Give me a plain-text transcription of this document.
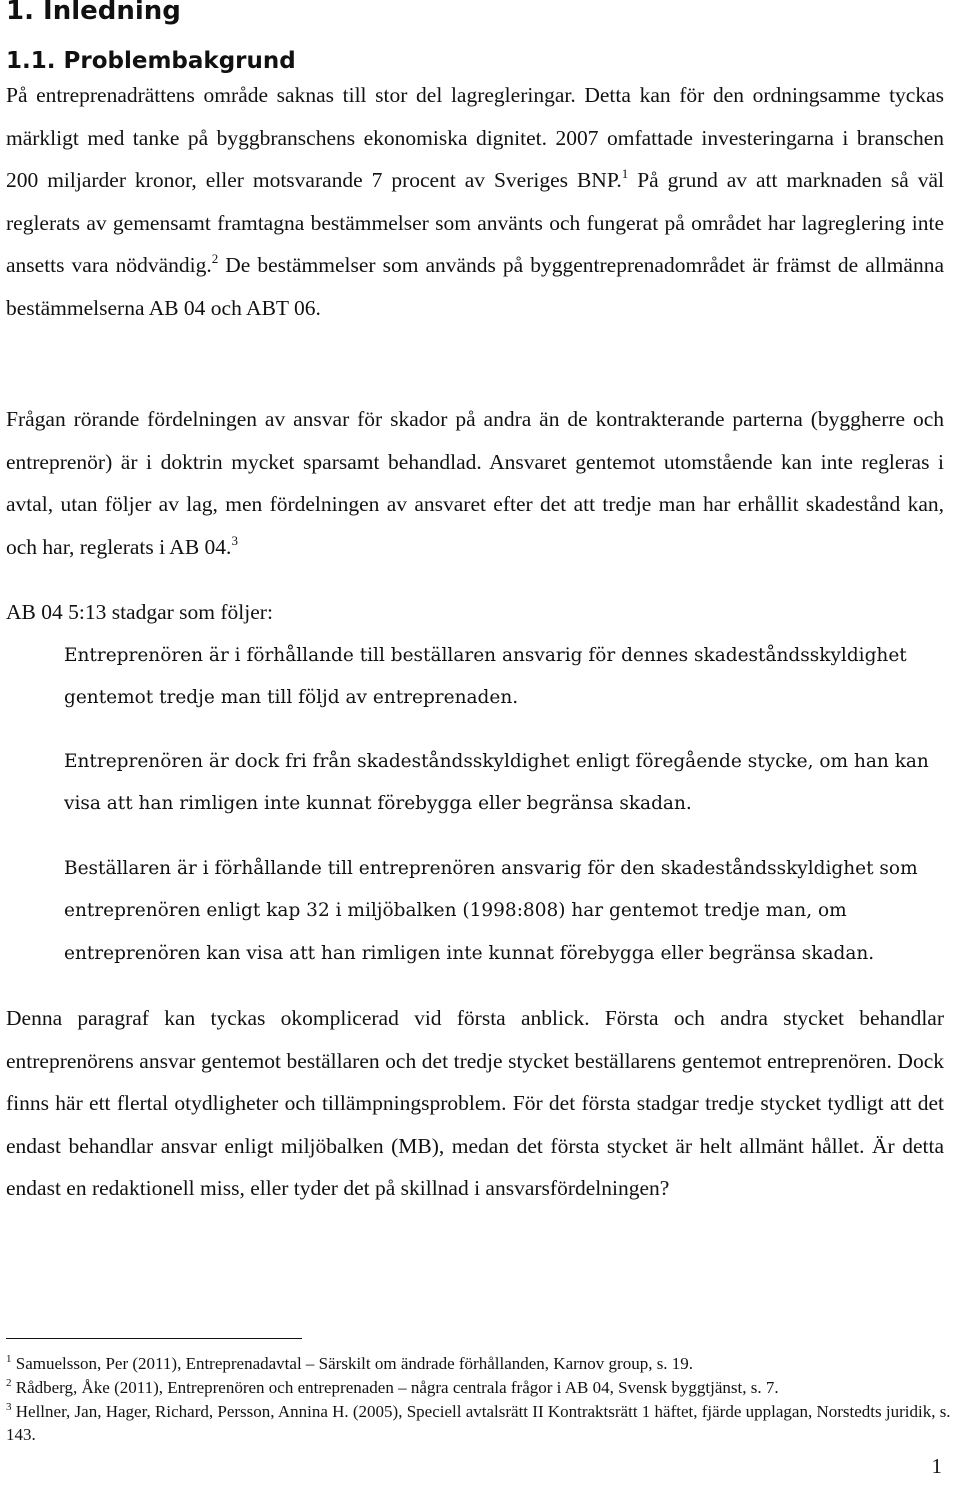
1. Inledning
1.1. Problembakgrund

På entreprenadrättens område saknas till stor del lagregleringar. Detta kan för den ordningsamme tyckas märkligt med tanke på byggbranschens ekonomiska dignitet. 2007 omfattade investeringarna i branschen 200 miljarder kronor, eller motsvarande 7 procent av Sveriges BNP.$^1$ På grund av att marknaden så väl reglerats av gemensamt framtagna bestämmelser som använts och fungerat på området har lagreglering inte ansetts vara nödvändig.$^2$ De bestämmelser som används på byggentreprenadområdet är främst de allmänna bestämmelserna AB 04 och ABT 06.

Frågan rörande fördelningen av ansvar för skador på andra än de kontrakterande parterna (byggherre och entreprenör) är i doktrin mycket sparsamt behandlad. Ansvaret gentemot utomstående kan inte regleras i avtal, utan följer av lag, men fördelningen av ansvaret efter det att tredje man har erhållit skadestånd kan, och har, reglerats i AB 04.$^3$

AB 04 5:13 stadgar som följer:

Entreprenören är i förhållande till beställaren ansvarig för dennes skadeståndsskyldighet gentemot tredje man till följd av entreprenaden.

Entreprenören är dock fri från skadeståndsskyldighet enligt föregående stycke, om han kan visa att han rimligen inte kunnat förebygga eller begränsa skadan.

Beställaren är i förhållande till entreprenören ansvarig för den skadeståndsskyldighet som entreprenören enligt kap 32 i miljöbalken (1998:808) har gentemot tredje man, om entreprenören kan visa att han rimligen inte kunnat förebygga eller begränsa skadan.

Denna paragraf kan tyckas okomplicerad vid första anblick. Första och andra stycket behandlar entreprenörens ansvar gentemot beställaren och det tredje stycket beställarens gentemot entreprenören. Dock finns här ett flertal otydligheter och tillämpningsproblem. För det första stadgar tredje stycket tydligt att det endast behandlar ansvar enligt miljöbalken (MB), medan det första stycket är helt allmänt hållet. Är detta endast en redaktionell miss, eller tyder det på skillnad i ansvarsfördelningen?

$^1$ Samuelsson, Per (2011), Entreprenadavtal – Särskilt om ändrade förhållanden, Karnov group, s. 19.

$^2$ Rådberg, Åke (2011), Entreprenören och entreprenaden – några centrala frågor i AB 04, Svensk byggtjänst, s. 7.

$^3$ Hellner, Jan, Hager, Richard, Persson, Annina H. (2005), Speciell avtalsrätt II Kontraktsrätt 1 häftet, fjärde upplagan, Norstedts juridik, s. 143.

1
